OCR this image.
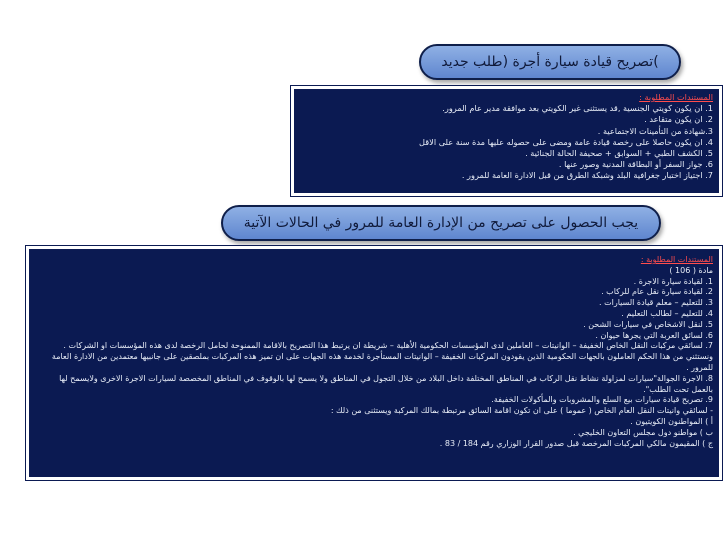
)تصريح قيادة سيارة أجرة (طلب جديد
المستندات المطلوبة :
1. ان يكون كويتي الجنسية ,قد يستثنى غير الكويتي بعد موافقة مدير عام المرور.
2. ان يكون متقاعد .
3.شهادة من التأمينات الاجتماعية .
4. ان يكون حاصلا على رخصة قيادة عامة ومضى على حصوله عليها مدة سنة على الاقل
5. الكشف الطبي + السوابق + صحيفة الحالة الجنائية .
6. جواز السفر أو البطاقة المدنية وصور عنها .
7. اجتياز اختبار جغرافية البلد وشبكة الطرق من قبل الادارة العامة للمرور .
يجب الحصول على تصريح من الإدارة العامة للمرور في الحالات الآتية
المستندات المطلوبة :
مادة ( 106 )
1. لقيادة سيارة الاجرة .
2. لقيادة سيارة نقل عام للركاب .
3. للتعليم – معلم قيادة السيارات .
4. للتعليم – لطالب التعليم .
5. لنقل الاشخاص في سيارات الشحن .
6. لسائق العربة التي يجرها حيوان .
7. لسائقي مركبات النقل الخاص الخفيفة – الوانيتات – العاملين لدى المؤسسات الحكومية الأهلية – شريطة ان يرتبط هذا التصريح بالاقامة الممنوحة لحامل الرخصة لدى هذه المؤسسات او الشركات . ونستثني من هذا الحكم العاملون بالجهات الحكومية الذين يقودون المركبات الخفيفة – الوانيتات المستأجرة لخدمة هذه الجهات على ان تميز هذه المركبات بملصقين على جانبيها معتمدين من الادارة العامة للمرور .
8. الاجرة الجوالة"سيارات لمزاولة نشاط نقل الركاب في المناطق المختلفة داخل البلاد من خلال التجول في المناطق ولا يسمح لها بالوقوف في المناطق المخصصة لسيارات الاجرة الاخرى ولايسمح لها بالعمل تحت الطلب".
9. تصريح قيادة سيارات بيع السلع والمشروبات والمأكولات الخفيفة.
- لسائقي وانيتات النقل العام الخاص ( عموما ) على ان تكون اقامة السائق مرتبطة بمالك المركبة ويستثنى من ذلك :
أ ) المواطنون الكويتيون .
ب ) مواطنو دول مجلس التعاون الخليجي .
ج ) المقيمون مالكي المركبات المرخصة قبل صدور القرار الوزاري رقم 184 / 83 .
